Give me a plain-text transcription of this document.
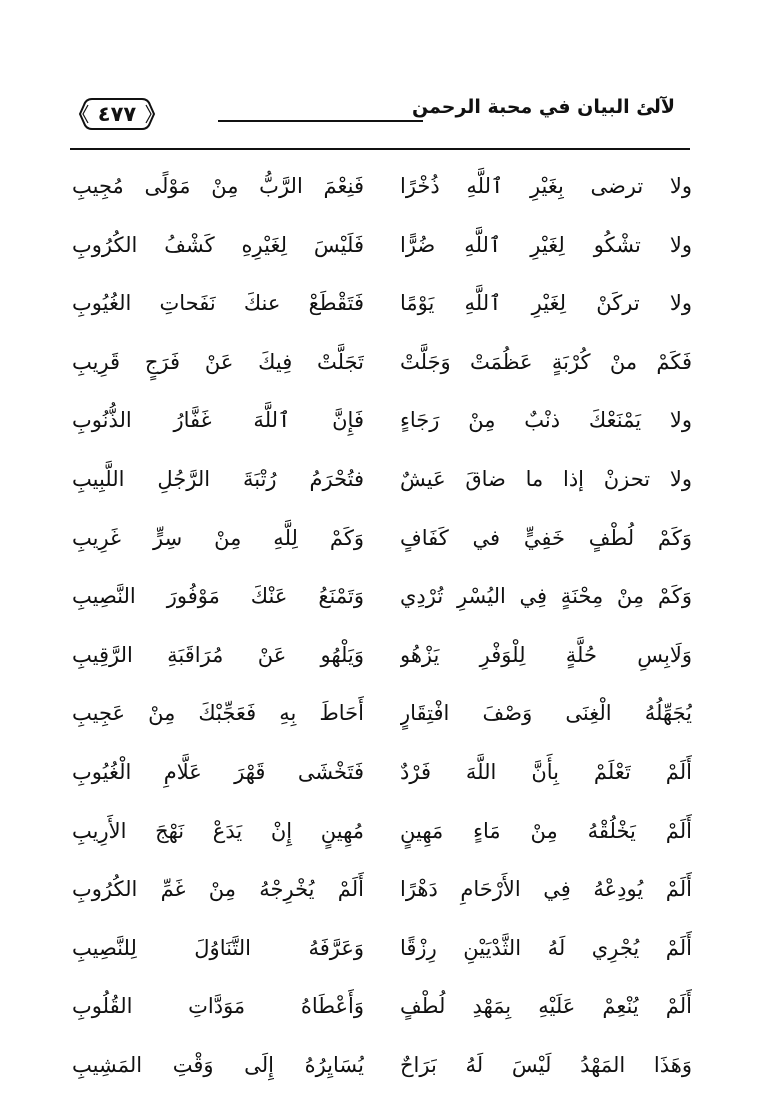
لآلئ البيان في محبة الرحمن
٤٧٧
ولا ترضى بِغَيْرِ ٱللَّهِ ذُخْرًا
فَنِعْمَ الرَّبُّ مِنْ مَوْلًى مُجِيبِ
ولا تشْكُو لِغَيْرِ ٱللَّهِ ضُرًّا
فَلَيْسَ لِغَيْرِهِ كَشْفُ الكُرُوبِ
ولا تركَنْ لِغَيْرِ ٱللَّهِ يَوْمًا
فَتَقْطَعْ عنكَ نَفَحاتِ الغُيُوبِ
فَكَمْ منْ كُرْبَةٍ عَظُمَتْ وَجَلَّتْ
تَجَلَّتْ فِيكَ عَنْ فَرَجٍ قَرِيبِ
ولا يَمْنَعْكَ ذنْبٌ مِنْ رَجَاءٍ
فَإِنَّ ٱللَّهَ غَفَّارُ الذُّنُوبِ
ولا تحزنْ إذا ما ضاقَ عَيشٌ
فتُحْرَمُ رُتْبَةَ الرَّجُلِ اللَّبِيبِ
وَكَمْ لُطْفٍ خَفِيٍّ في كَفَافٍ
وَكَمْ لِلَّهِ مِنْ سِرٍّ غَرِيبِ
وَكَمْ مِنْ مِحْنَةٍ فِي اليُسْرِ تُرْدِي
وَتَمْنَعُ عَنْكَ مَوْفُورَ النَّصِيبِ
وَلَابِسِ حُلَّةٍ لِلْوَفْرِ يَزْهُو
وَيَلْهُو عَنْ مُرَاقَبَةِ الرَّقِيبِ
يُجَهِّلُهُ الْغِنَى وَصْفَ افْتِقَارٍ
أَحَاطَ بِهِ فَعَجِّبْكَ مِنْ عَجِيبِ
أَلَمْ تَعْلَمْ بِأَنَّ اللَّهَ فَرْدٌ
فَتَخْشَى قَهْرَ عَلَّامِ الْغُيُوبِ
أَلَمْ يَخْلُقْهُ مِنْ مَاءٍ مَهِينٍ
مُهِينٍ إِنْ يَدَعْ نَهْجَ الأَرِيبِ
أَلَمْ يُودِعْهُ فِي الأَرْحَامِ دَهْرًا
أَلَمْ يُخْرِجْهُ مِنْ غَمِّ الكُرُوبِ
أَلَمْ يُجْرِي لَهُ الثَّدْيَيْنِ رِزْقًا
وَعَرَّفَهُ التَّنَاوُلَ لِلنَّصِيبِ
أَلَمْ يُنْعِمْ عَلَيْهِ بِمَهْدِ لُطْفٍ
وَأَعْطَاهُ مَوَدَّاتِ القُلُوبِ
وَهَذَا المَهْدُ لَيْسَ لَهُ بَرَاحٌ
يُسَايِرُهُ إِلَى وَقْتِ المَشِيبِ
